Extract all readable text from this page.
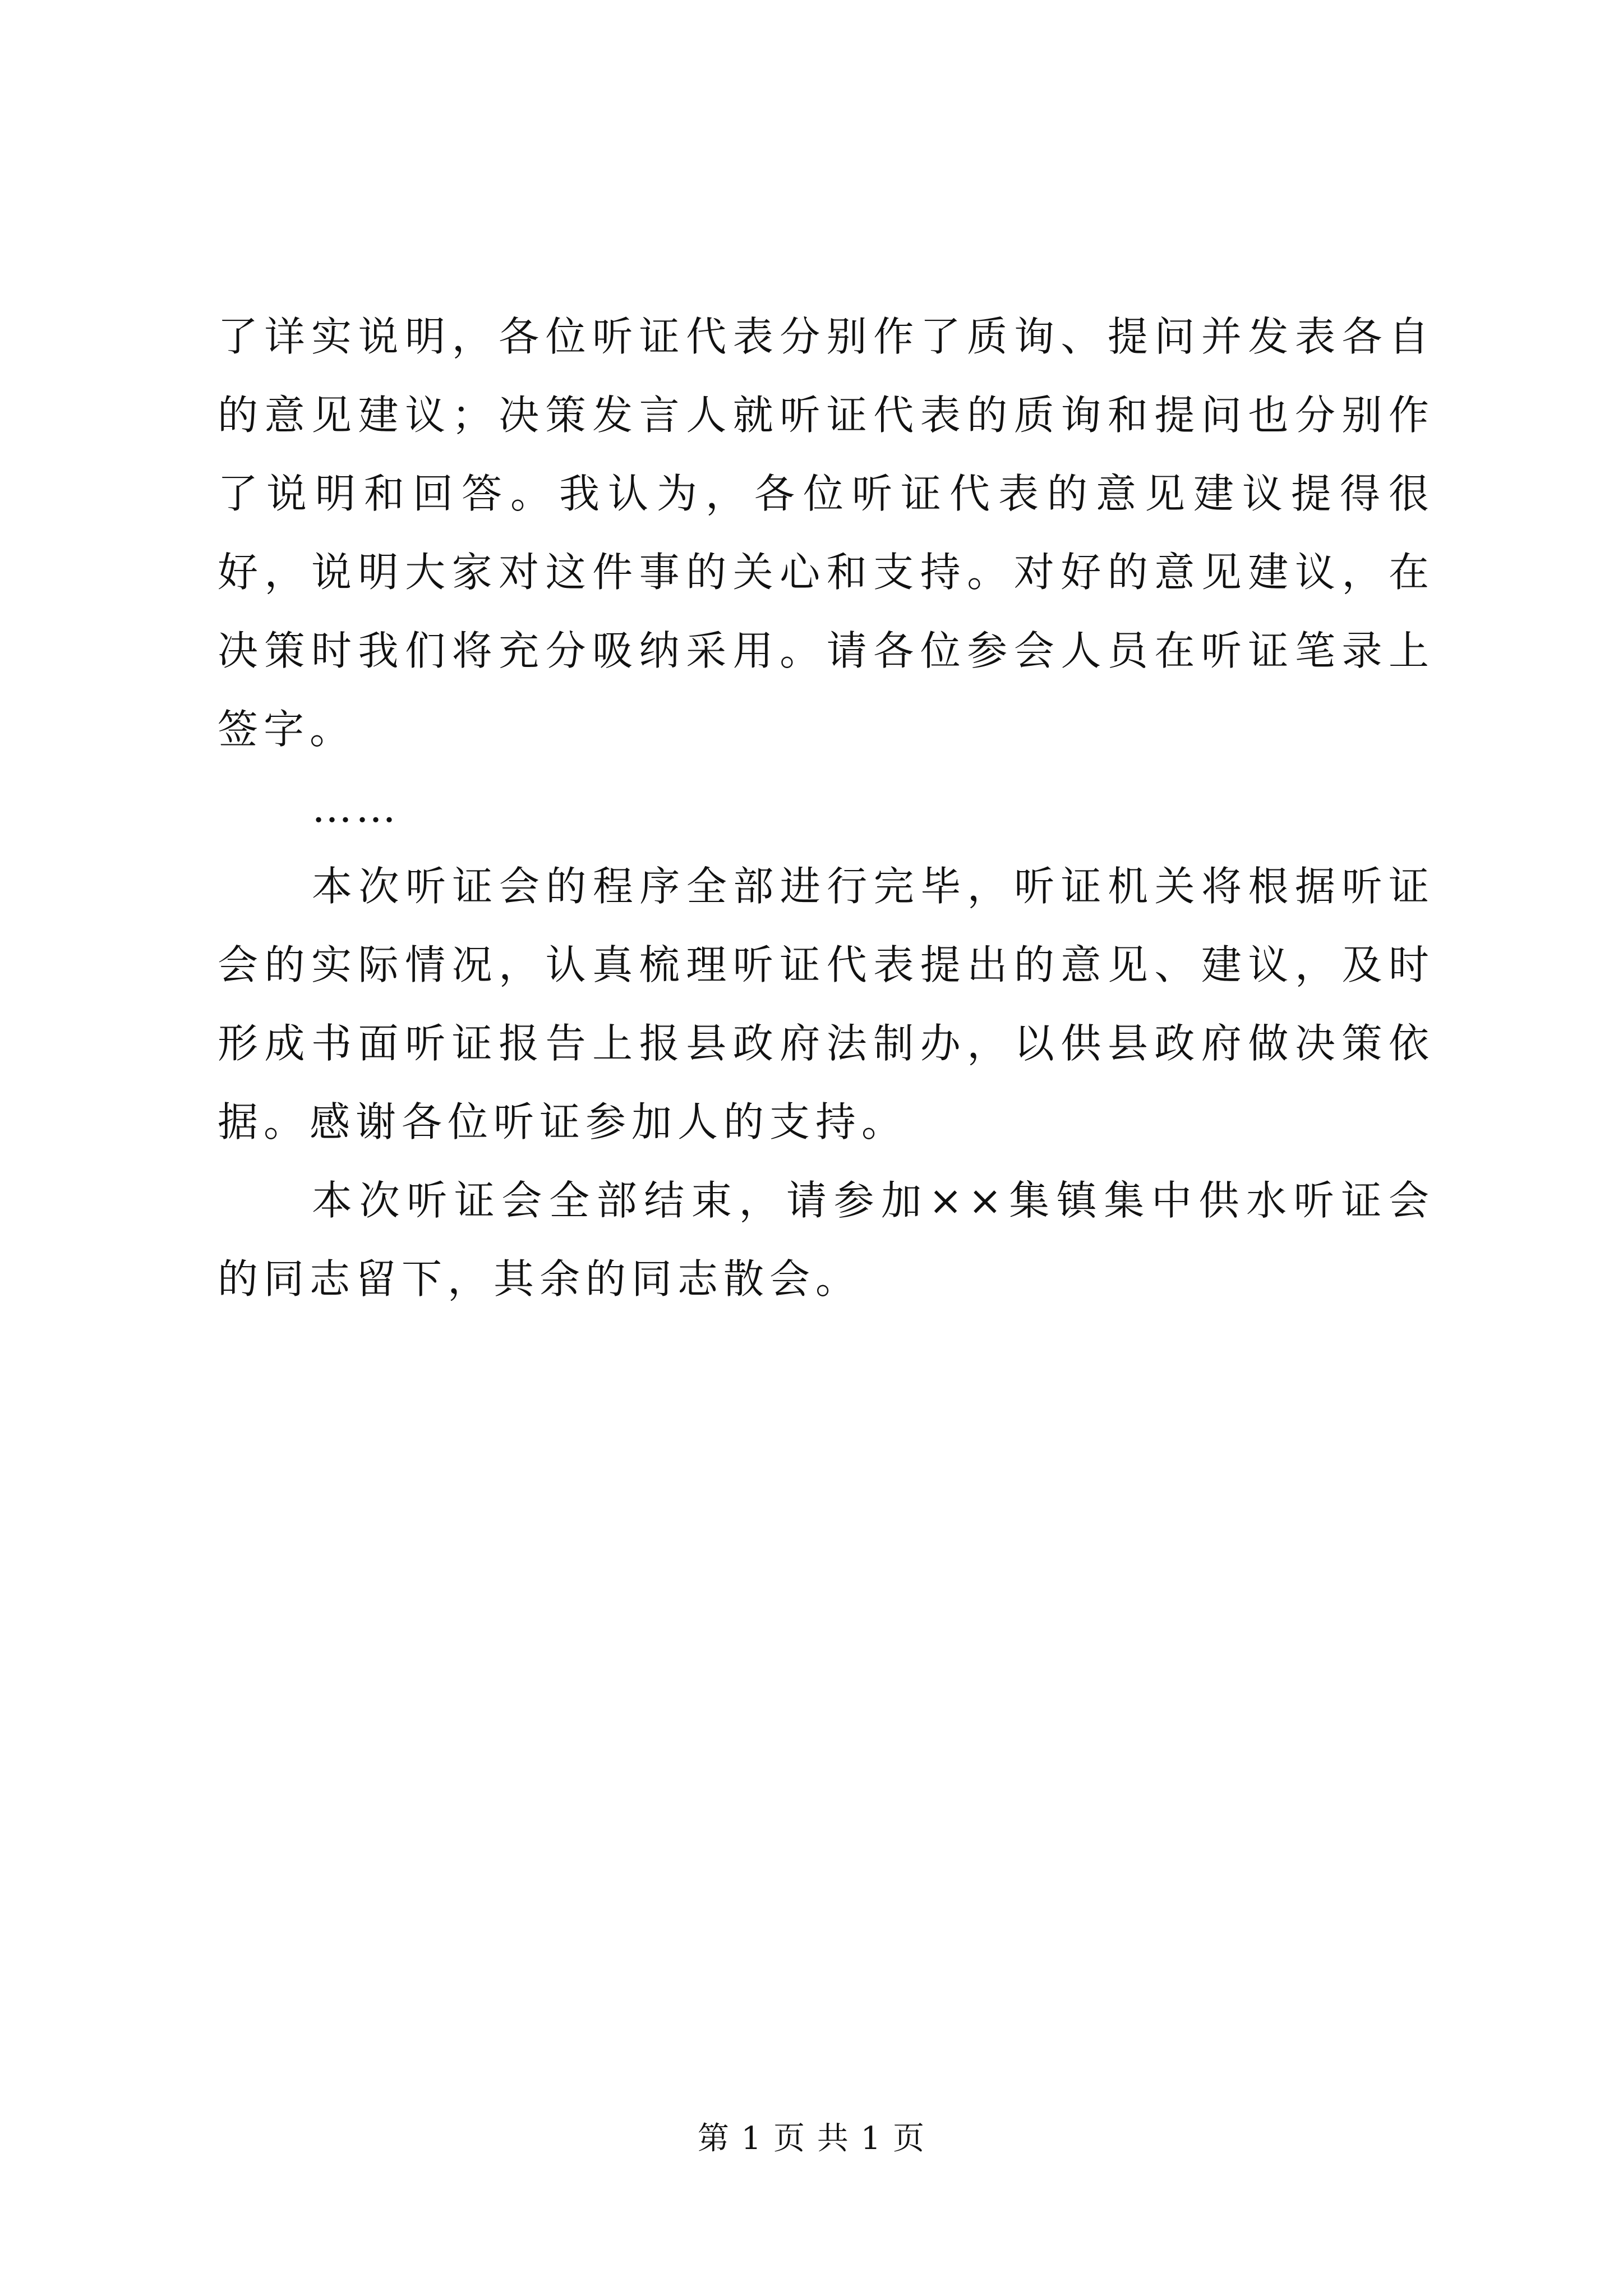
了详实说明，各位听证代表分别作了质询、提问并发表各自的意见建议；决策发言人就听证代表的质询和提问也分别作了说明和回答。我认为，各位听证代表的意见建议提得很好，说明大家对这件事的关心和支持。对好的意见建议，在决策时我们将充分吸纳采用。请各位参会人员在听证笔录上签字。

……

本次听证会的程序全部进行完毕，听证机关将根据听证会的实际情况，认真梳理听证代表提出的意见、建议，及时形成书面听证报告上报县政府法制办，以供县政府做决策依据。感谢各位听证参加人的支持。

本次听证会全部结束，请参加××集镇集中供水听证会的同志留下，其余的同志散会。

第 1 页 共 1 页
